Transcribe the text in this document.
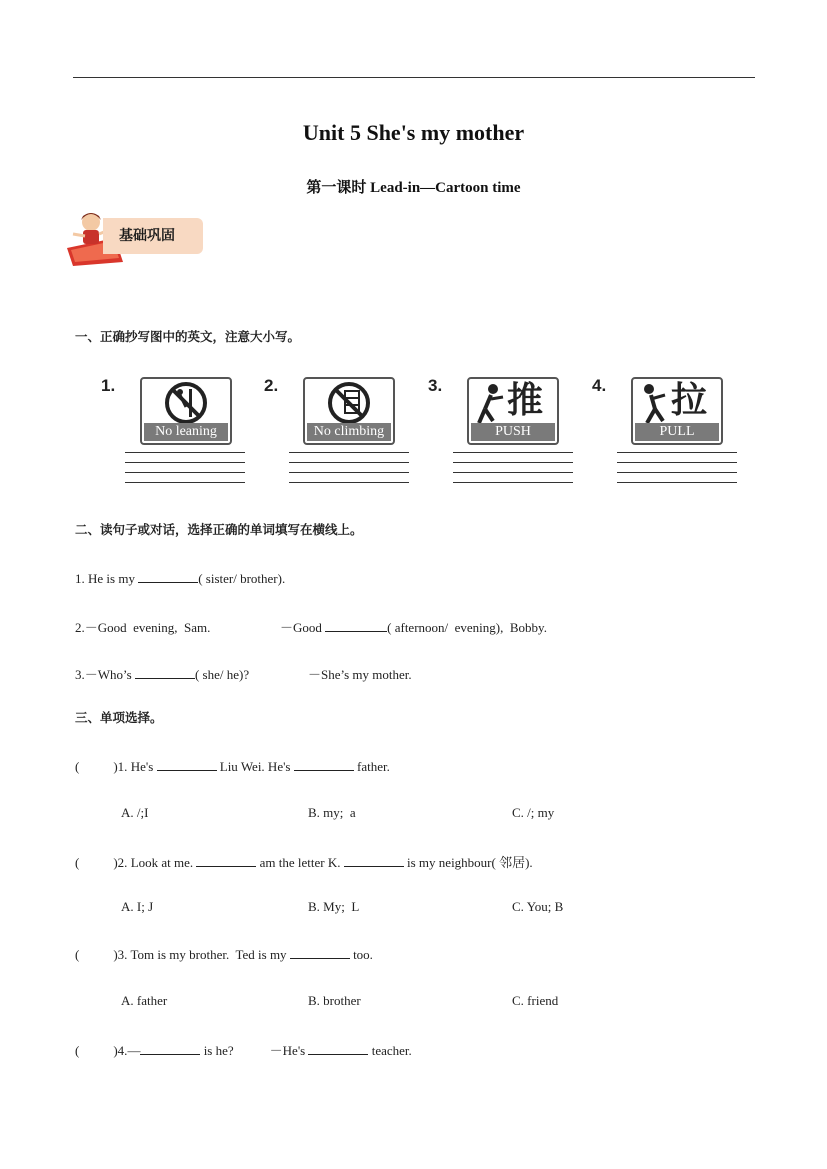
Unit 5 She's my mother
第一课时 Lead-in—Cartoon time
基础巩固
一、正确抄写图中的英文，注意大小写。
1.
No leaning
2.
No climbing
3. 推
PUSH
4. 拉
PULL
二、读句子或对话，选择正确的单词填写在横线上。
1. He is my	( sister/ brother).
2.－Good  evening,  Sam.	－Good	( afternoon/  evening),  Bobby.
3.－Who’s	( she/ he)?	－She’s my mother.
三、单项选择。
(	)1. He's	Liu Wei. He's	father.
A. /;I	B. my;  a	C. /; my
(	)2. Look at me.	am the letter K.	is my neighbour( 邻居).
A. I; J	B. My;  L	C. You; B
(	)3. Tom is my brother.  Ted is my	too.
A. father	B. brother	C. friend
(	)4.—	is he?	－He's	teacher.
